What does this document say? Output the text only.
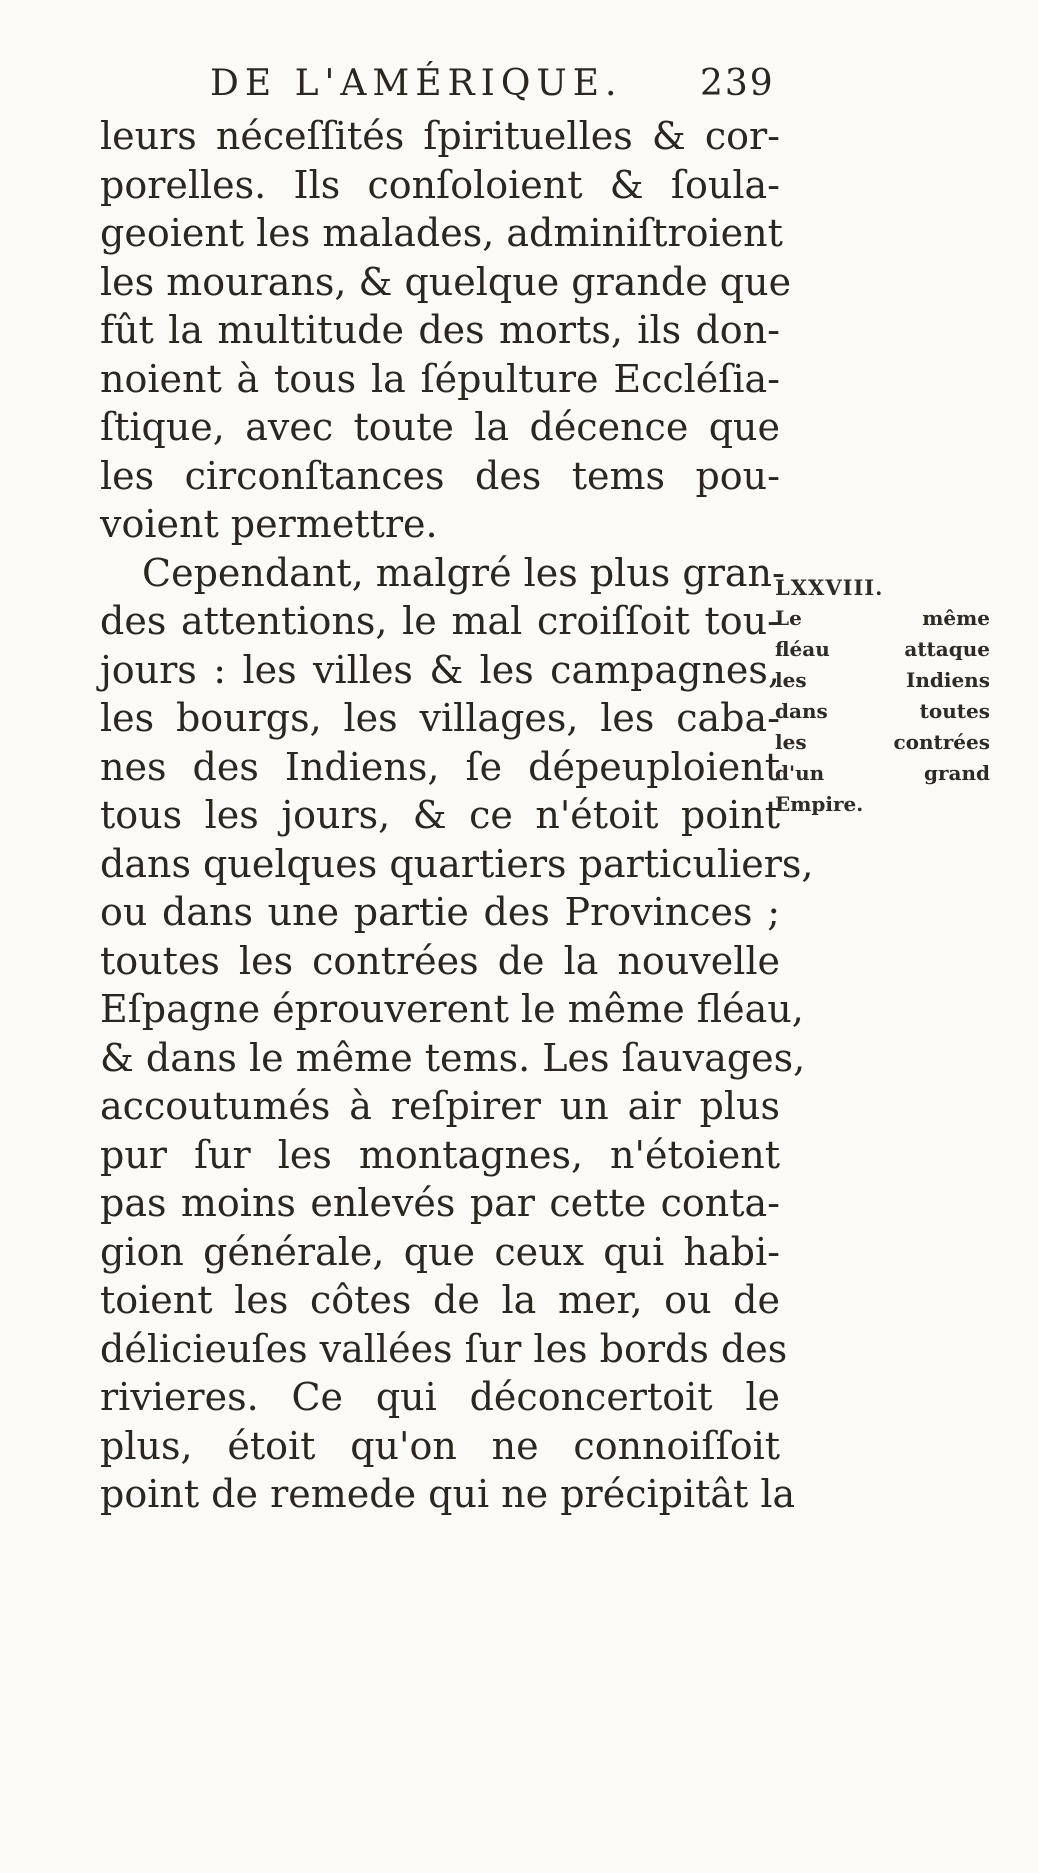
DE L'AMÉRIQUE. 239
leurs néceſſités ſpirituelles & cor-
porelles. Ils conſoloient & ſoula-
geoient les malades, adminiſtroient
les mourans, & quelque grande que
fût la multitude des morts, ils don-
noient à tous la ſépulture Eccléſia-
ſtique, avec toute la décence que
les circonſtances des tems pou-
voient permettre.
Cependant, malgré les plus gran-
des attentions, le mal croiſſoit tou-
jours : les villes & les campagnes,
les bourgs, les villages, les caba-
nes des Indiens, ſe dépeuploient
tous les jours, & ce n'étoit point
dans quelques quartiers particuliers,
ou dans une partie des Provinces ;
toutes les contrées de la nouvelle
Eſpagne éprouverent le même fléau,
& dans le même tems. Les ſauvages,
accoutumés à reſpirer un air plus
pur ſur les montagnes, n'étoient
pas moins enlevés par cette conta-
gion générale, que ceux qui habi-
toient les côtes de la mer, ou de
délicieuſes vallées ſur les bords des
rivieres. Ce qui déconcertoit le
plus, étoit qu'on ne connoiſſoit
point de remede qui ne précipitât la
LXXVIII.
Le même
fléau attaque
les Indiens
dans toutes
les contrées
d'un grand
Empire.
